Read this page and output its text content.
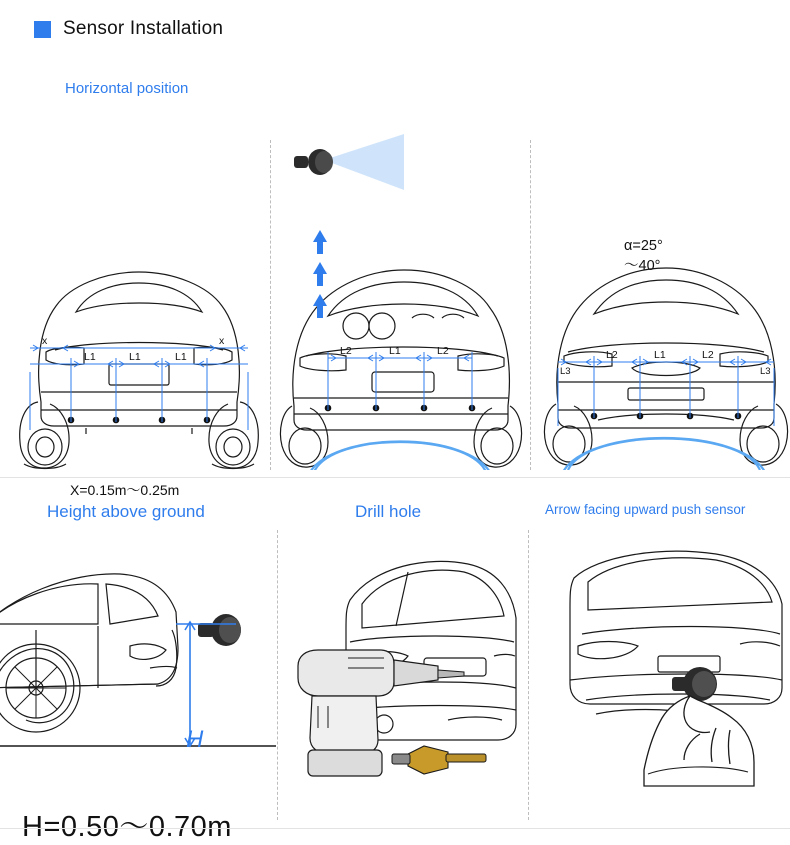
Sensor Installation
Horizontal position
L1	L1	L1
x	x
X=0.15m～0.25m
L2	L1	L2
α=25°～40°
L3
L2	L1	L2
L3
Height above ground	Drill hole	Arrow facing upward push sensor
H
H=0.50～0.70m
